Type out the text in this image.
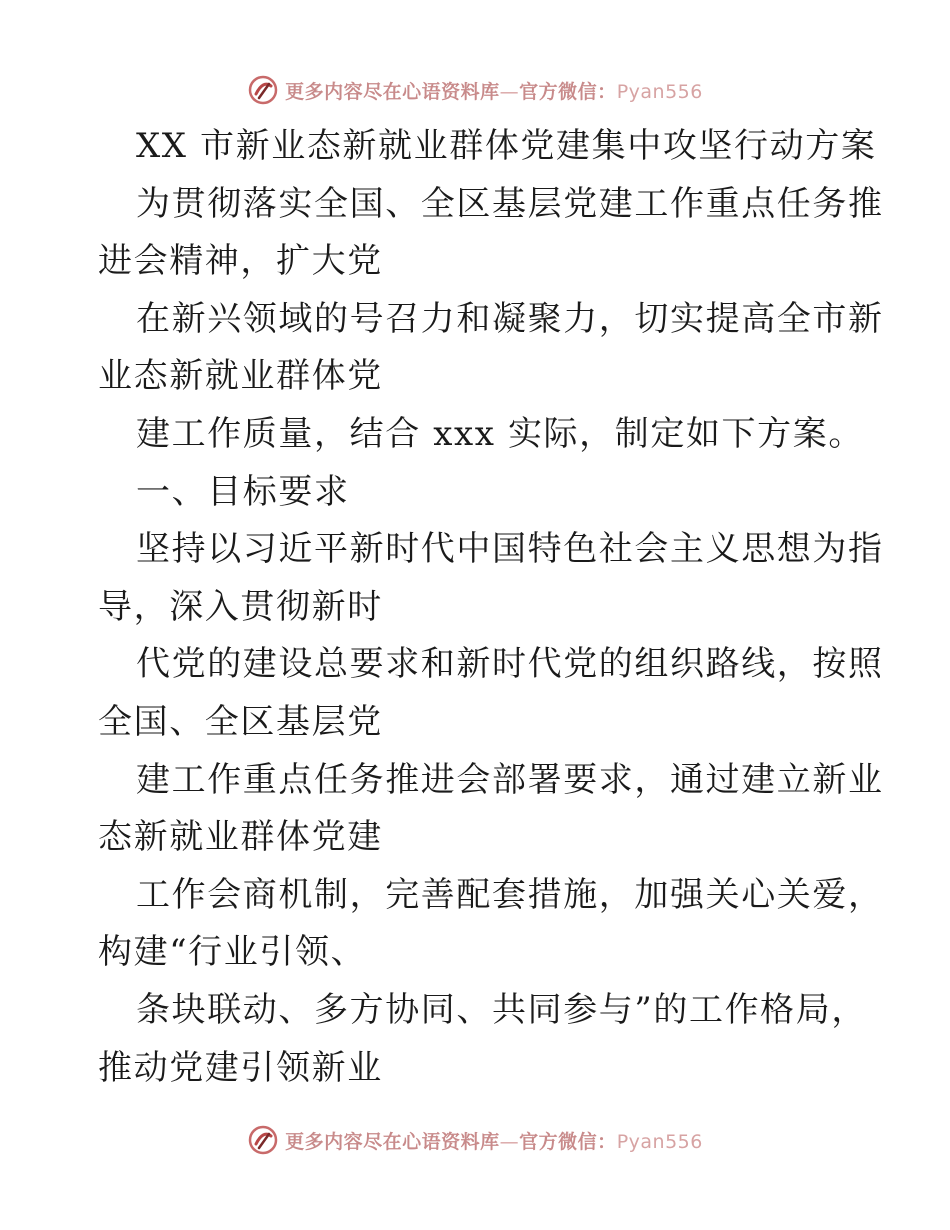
更多内容尽在心语资料库—官方微信：Pyan556
XX 市新业态新就业群体党建集中攻坚行动方案
为贯彻落实全国、全区基层党建工作重点任务推
进会精神，扩大党
在新兴领域的号召力和凝聚力，切实提高全市新
业态新就业群体党
建工作质量，结合 xxx 实际，制定如下方案。
一、目标要求
坚持以习近平新时代中国特色社会主义思想为指
导，深入贯彻新时
代党的建设总要求和新时代党的组织路线，按照
全国、全区基层党
建工作重点任务推进会部署要求，通过建立新业
态新就业群体党建
工作会商机制，完善配套措施，加强关心关爱，
构建“行业引领、
条块联动、多方协同、共同参与”的工作格局，
推动党建引领新业
更多内容尽在心语资料库—官方微信：Pyan556
